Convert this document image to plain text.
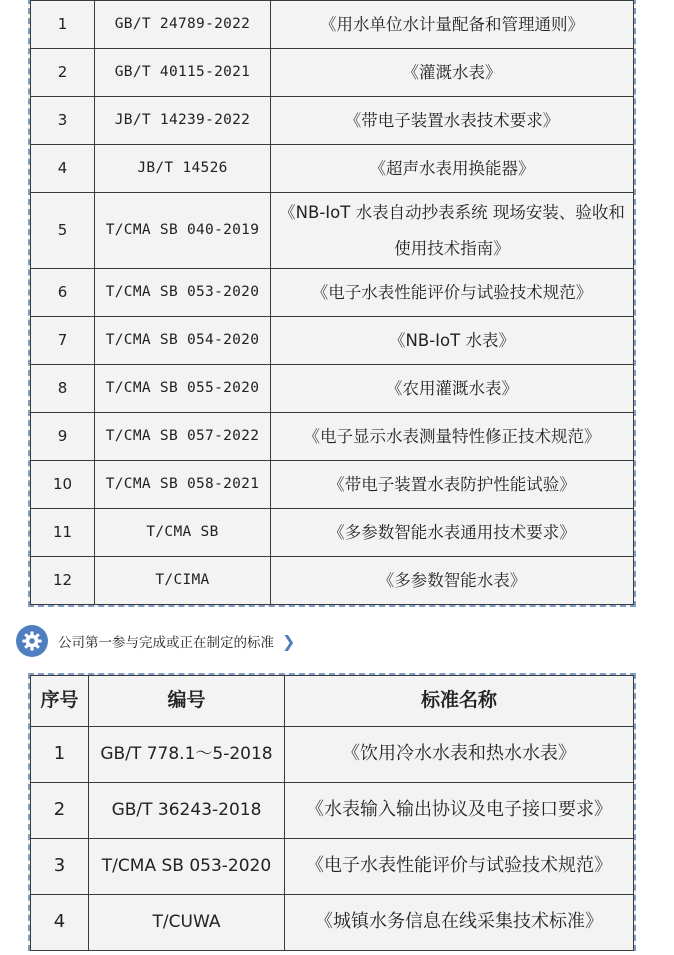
1	GB/T 24789-2022	《用水单位水计量配备和管理通则》
2	GB/T 40115-2021	《灌溉水表》
3	JB/T 14239-2022	《带电子装置水表技术要求》
4	JB/T 14526	《超声水表用换能器》
5	T/CMA SB 040-2019	《NB-IoT 水表自动抄表系统 现场安装、验收和使用技术指南》
6	T/CMA SB 053-2020	《电子水表性能评价与试验技术规范》
7	T/CMA SB 054-2020	《NB-IoT 水表》
8	T/CMA SB 055-2020	《农用灌溉水表》
9	T/CMA SB 057-2022	《电子显示水表测量特性修正技术规范》
10	T/CMA SB 058-2021	《带电子装置水表防护性能试验》
11	T/CMA SB	《多参数智能水表通用技术要求》
12	T/CIMA	《多参数智能水表》
公司第一参与完成或正在制定的标准 ❯
序号	编号	标准名称
1	GB/T 778.1～5-2018	《饮用冷水水表和热水水表》
2	GB/T 36243-2018	《水表输入输出协议及电子接口要求》
3	T/CMA SB 053-2020	《电子水表性能评价与试验技术规范》
4	T/CUWA	《城镇水务信息在线采集技术标准》
